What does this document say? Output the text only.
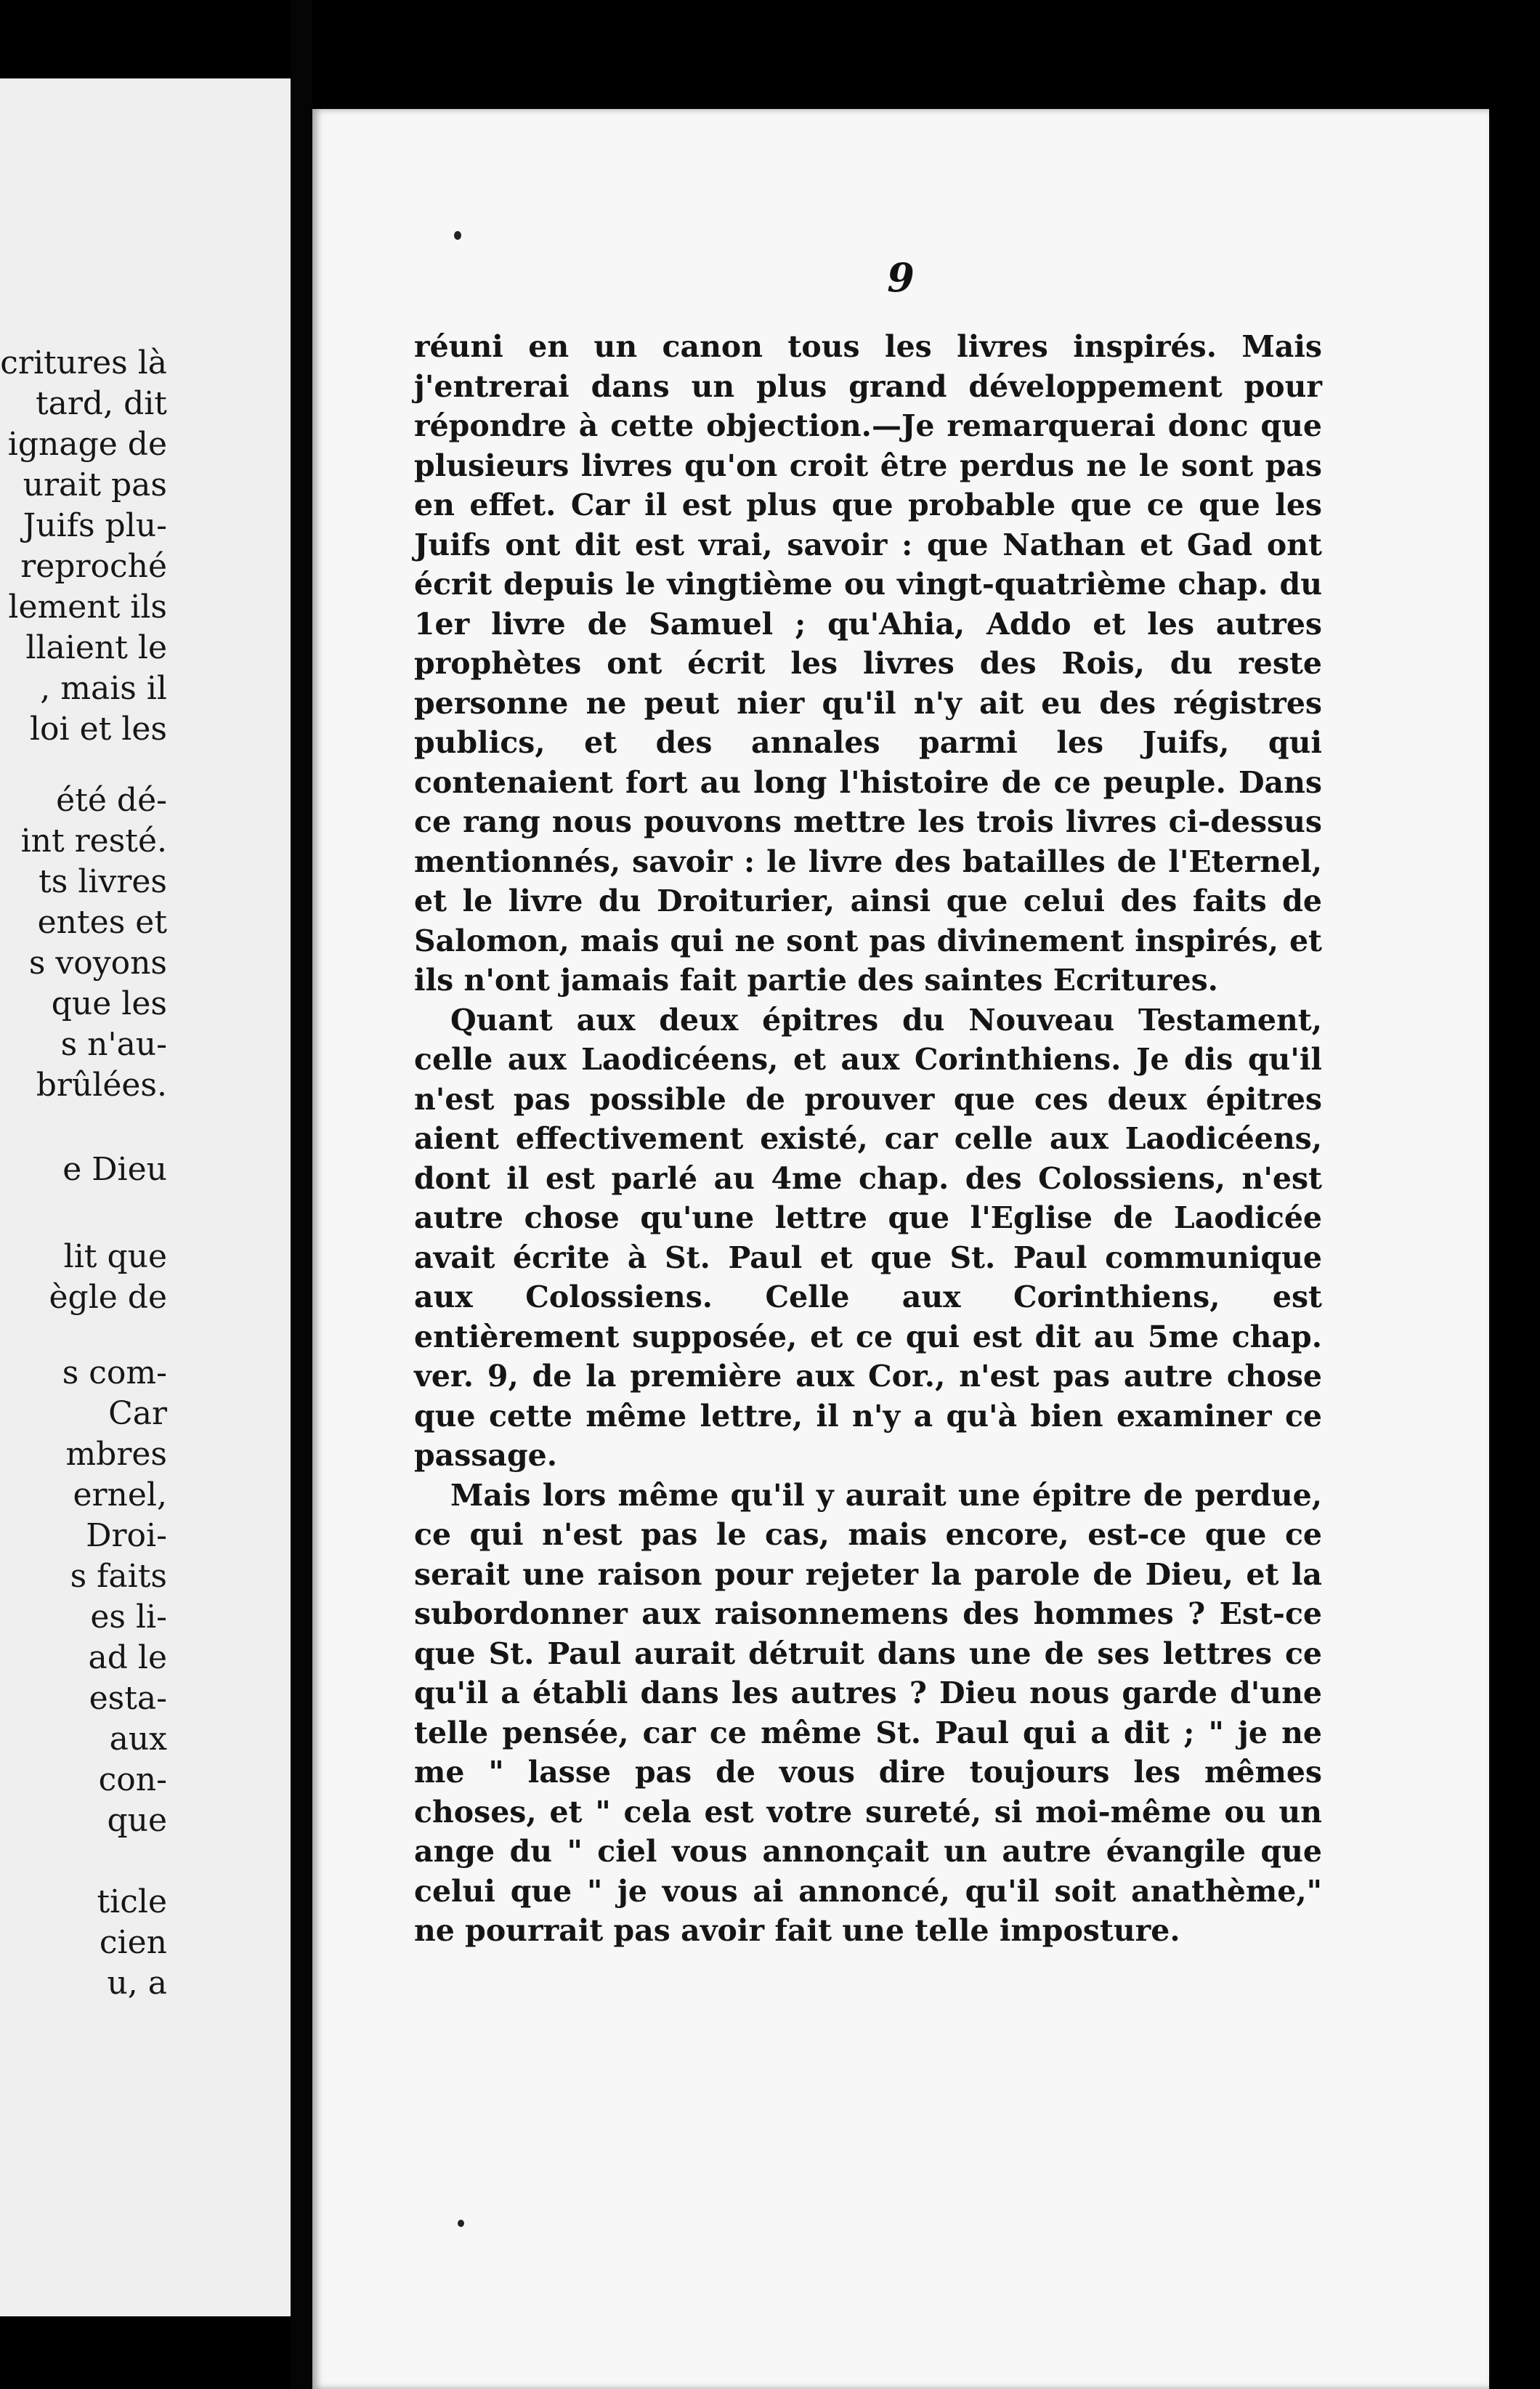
critures là
tard, dit
ignage de
urait pas
Juifs plu-
reproché
lement ils
llaient le
, mais il
loi et les
été dé-
int resté.
ts livres
entes et
s voyons
que les
s n'au-
brûlées.
e Dieu
lit que
ègle de
s com-
Car
mbres
ernel,
Droi-
s faits
es li-
ad le
esta-
aux
con-
que
ticle
cien
u, a
9

réuni en un canon tous les livres inspirés. Mais j'entrerai dans un plus grand développement pour répondre à cette objection.—Je remarquerai donc que plusieurs livres qu'on croit être perdus ne le sont pas en effet. Car il est plus que probable que ce que les Juifs ont dit est vrai, savoir : que Nathan et Gad ont écrit depuis le vingtième ou vingt-quatrième chap. du 1er livre de Samuel ; qu'Ahia, Addo et les autres prophètes ont écrit les livres des Rois, du reste personne ne peut nier qu'il n'y ait eu des régistres publics, et des annales parmi les Juifs, qui contenaient fort au long l'histoire de ce peuple. Dans ce rang nous pouvons mettre les trois livres ci-dessus mentionnés, savoir : le livre des batailles de l'Eternel, et le livre du Droiturier, ainsi que celui des faits de Salomon, mais qui ne sont pas divinement inspirés, et ils n'ont jamais fait partie des saintes Ecritures.

Quant aux deux épitres du Nouveau Testament, celle aux Laodicéens, et aux Corinthiens. Je dis qu'il n'est pas possible de prouver que ces deux épitres aient effectivement existé, car celle aux Laodicéens, dont il est parlé au 4me chap. des Colossiens, n'est autre chose qu'une lettre que l'Eglise de Laodicée avait écrite à St. Paul et que St. Paul communique aux Colossiens. Celle aux Corinthiens, est entièrement supposée, et ce qui est dit au 5me chap. ver. 9, de la première aux Cor., n'est pas autre chose que cette même lettre, il n'y a qu'à bien examiner ce passage.

Mais lors même qu'il y aurait une épitre de perdue, ce qui n'est pas le cas, mais encore, est-ce que ce serait une raison pour rejeter la parole de Dieu, et la subordonner aux raisonnemens des hommes ? Est-ce que St. Paul aurait détruit dans une de ses lettres ce qu'il a établi dans les autres ? Dieu nous garde d'une telle pensée, car ce même St. Paul qui a dit ; " je ne me " lasse pas de vous dire toujours les mêmes choses, et " cela est votre sureté, si moi-même ou un ange du " ciel vous annonçait un autre évangile que celui que " je vous ai annoncé, qu'il soit anathème," ne pourrait pas avoir fait une telle imposture.
